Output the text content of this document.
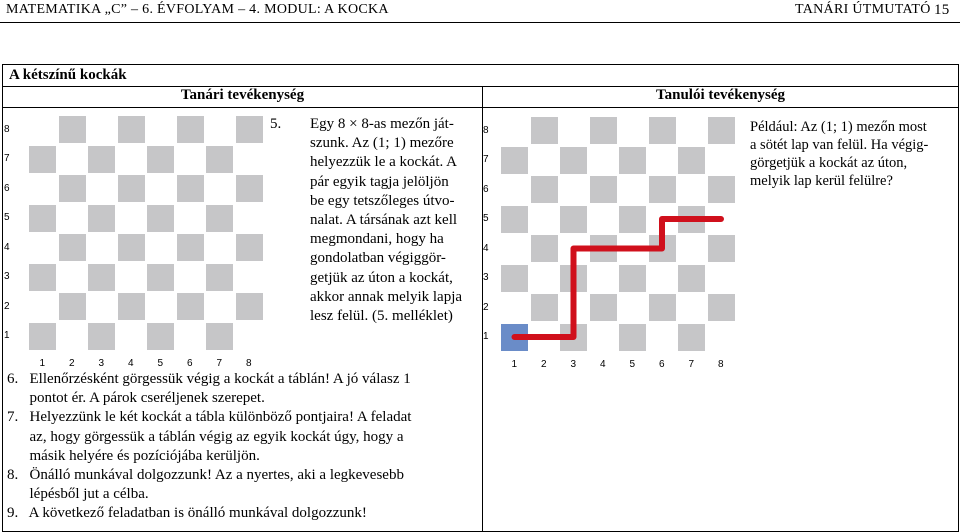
MATEMATIKA „C” – 6. ÉVFOLYAM – 4. MODUL: A KOCKA	TANÁRI ÚTMUTATÓ 15
A kétszínű kockák	
Tanári tevékenység	Tanulói tevékenység

8
7
6
5
4
3
2
1
1 2 3 4 5 6 7 8
8
7
6
5
4
3
2
1
1 2 3 4 5 6 7 8
5. Egy 8 × 8-as mezőn ját-
szunk. Az (1; 1) mezőre
helyezzük le a kockát. A
pár egyik tagja jelöljön
be egy tetszőleges útvo-
nalat. A társának azt kell
megmondani, hogy ha
gondolatban végiggör-
getjük az úton a kockát,
akkor annak melyik lapja
lesz felül. (5. melléklet)
Például: Az (1; 1) mezőn most
a sötét lap van felül. Ha végig-
görgetjük a kockát az úton,
melyik lap kerül felülre?
6.   Ellenőrzésként görgessük végig a kockát a táblán! A jó válasz 1
pontot ér. A párok cseréljenek szerepet.
7.   Helyezzünk le két kockát a tábla különböző pontjaira! A feladat
az, hogy görgessük a táblán végig az egyik kockát úgy, hogy a
másik helyére és pozíciójába kerüljön.
8.   Önálló munkával dolgozzunk! Az a nyertes, aki a legkevesebb
lépésből jut a célba.
9.   A következő feladatban is önálló munkával dolgozzunk!
